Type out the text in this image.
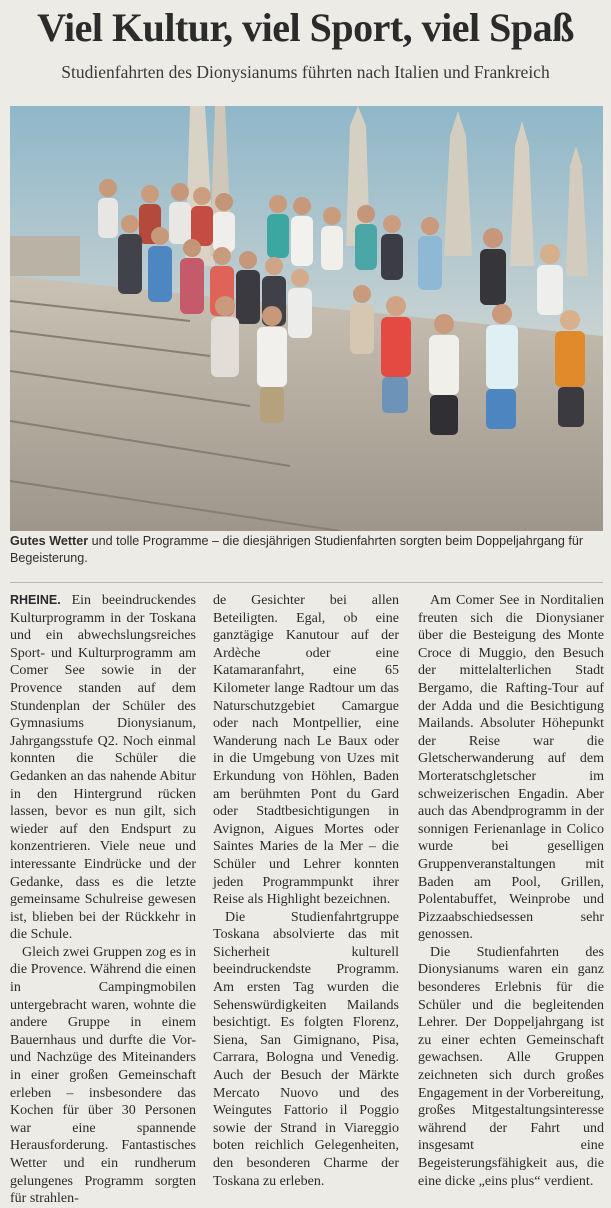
Viel Kultur, viel Sport, viel Spaß
Studienfahrten des Dionysianums führten nach Italien und Frankreich
Gutes Wetter und tolle Programme – die diesjährigen Studienfahrten sorgten beim Doppeljahrgang für Begeisterung.

RHEINE. Ein beeindruckendes Kulturprogramm in der Toskana und ein abwechslungsreiches Sport- und Kulturprogramm am Comer See sowie in der Provence standen auf dem Stundenplan der Schüler des Gymnasiums Dionysianum, Jahrgangsstufe Q2. Noch einmal konnten die Schüler die Gedanken an das nahende Abitur in den Hintergrund rücken lassen, bevor es nun gilt, sich wieder auf den Endspurt zu konzentrieren. Viele neue und interessante Eindrücke und der Gedanke, dass es die letzte gemeinsame Schulreise gewesen ist, blieben bei der Rückkehr in die Schule.

Gleich zwei Gruppen zog es in die Provence. Während die einen in Campingmobilen untergebracht waren, wohnte die andere Gruppe in einem Bauernhaus und durfte die Vor- und Nachzüge des Miteinanders in einer großen Gemeinschaft erleben – insbesondere das Kochen für über 30 Personen war eine spannende Herausforderung. Fantastisches Wetter und ein rundherum gelungenes Programm sorgten für strahlen-

de Gesichter bei allen Beteiligten. Egal, ob eine ganztägige Kanutour auf der Ardèche oder eine Katamaranfahrt, eine 65 Kilometer lange Radtour um das Naturschutzgebiet Camargue oder nach Montpellier, eine Wanderung nach Le Baux oder in die Umgebung von Uzes mit Erkundung von Höhlen, Baden am berühmten Pont du Gard oder Stadtbesichtigungen in Avignon, Aigues Mortes oder Saintes Maries de la Mer – die Schüler und Lehrer konnten jeden Programmpunkt ihrer Reise als Highlight bezeichnen.

Die Studienfahrtgruppe Toskana absolvierte das mit Sicherheit kulturell beeindruckendste Programm. Am ersten Tag wurden die Sehenswürdigkeiten Mailands besichtigt. Es folgten Florenz, Siena, San Gimignano, Pisa, Carrara, Bologna und Venedig. Auch der Besuch der Märkte Mercato Nuovo und des Weingutes Fattorio il Poggio sowie der Strand in Viareggio boten reichlich Gelegenheiten, den besonderen Charme der Toskana zu erleben.

Am Comer See in Norditalien freuten sich die Dionysianer über die Besteigung des Monte Croce di Muggio, den Besuch der mittelalterlichen Stadt Bergamo, die Rafting-Tour auf der Adda und die Besichtigung Mailands. Absoluter Höhepunkt der Reise war die Gletscherwanderung auf dem Morteratschgletscher im schweizerischen Engadin. Aber auch das Abendprogramm in der sonnigen Ferienanlage in Colico wurde bei geselligen Gruppenveranstaltungen mit Baden am Pool, Grillen, Polentabuffet, Weinprobe und Pizzaabschiedsessen sehr genossen.

Die Studienfahrten des Dionysianums waren ein ganz besonderes Erlebnis für die Schüler und die begleitenden Lehrer. Der Doppeljahrgang ist zu einer echten Gemeinschaft gewachsen. Alle Gruppen zeichneten sich durch großes Engagement in der Vorbereitung, großes Mitgestaltungsinteresse während der Fahrt und insgesamt eine Begeisterungsfähigkeit aus, die eine dicke „eins plus“ verdient.
